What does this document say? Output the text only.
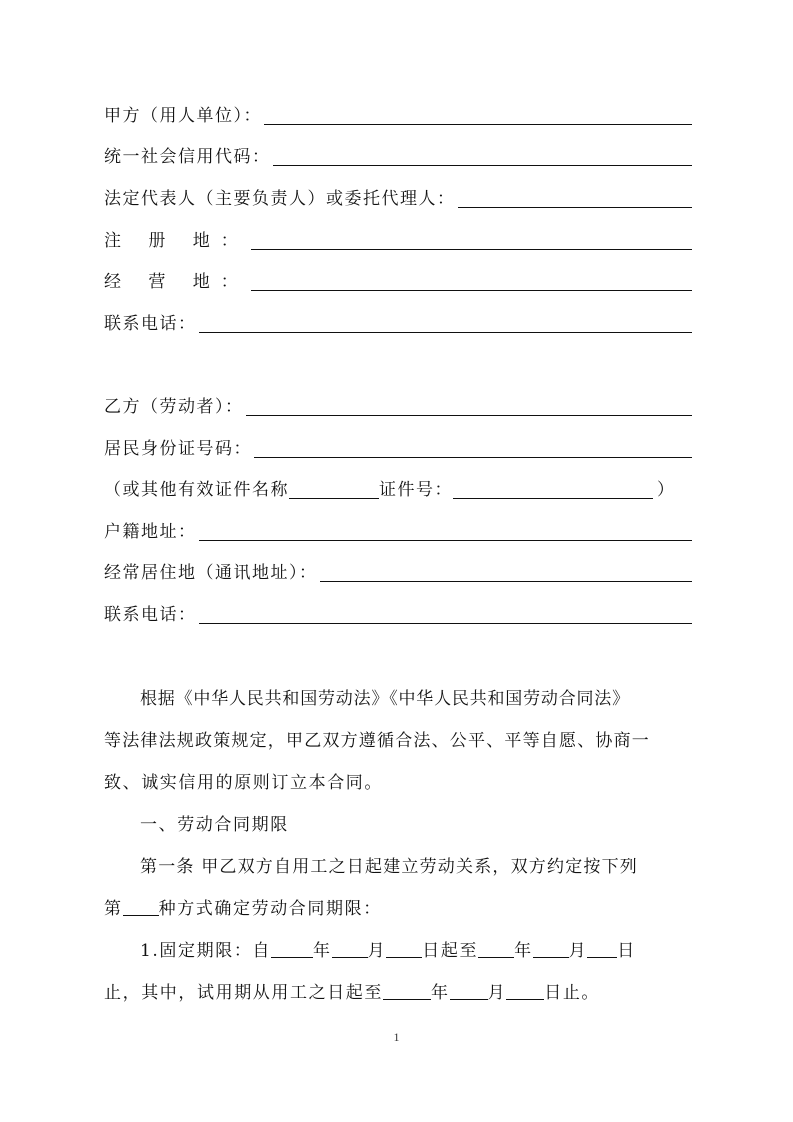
甲方（用人单位）：
统一社会信用代码：
法定代表人（主要负责人）或委托代理人：
注 册 地：
经 营 地：
联系电话：
乙方（劳动者）：
居民身份证号码：
（或其他有效证件名称	证件号：	）
户籍地址：
经常居住地（通讯地址）：
联系电话：
根据《中华人民共和国劳动法》《中华人民共和国劳动合同法》
等法律法规政策规定，甲乙双方遵循合法、公平、平等自愿、协商一
致、诚实信用的原则订立本合同。
一、劳动合同期限
第一条 甲乙双方自用工之日起建立劳动关系，双方约定按下列
第 种方式确定劳动合同期限：
1.固定期限：自 年 月 日起至 年 月 日
止，其中，试用期从用工之日起至	年 月 日止。
1
